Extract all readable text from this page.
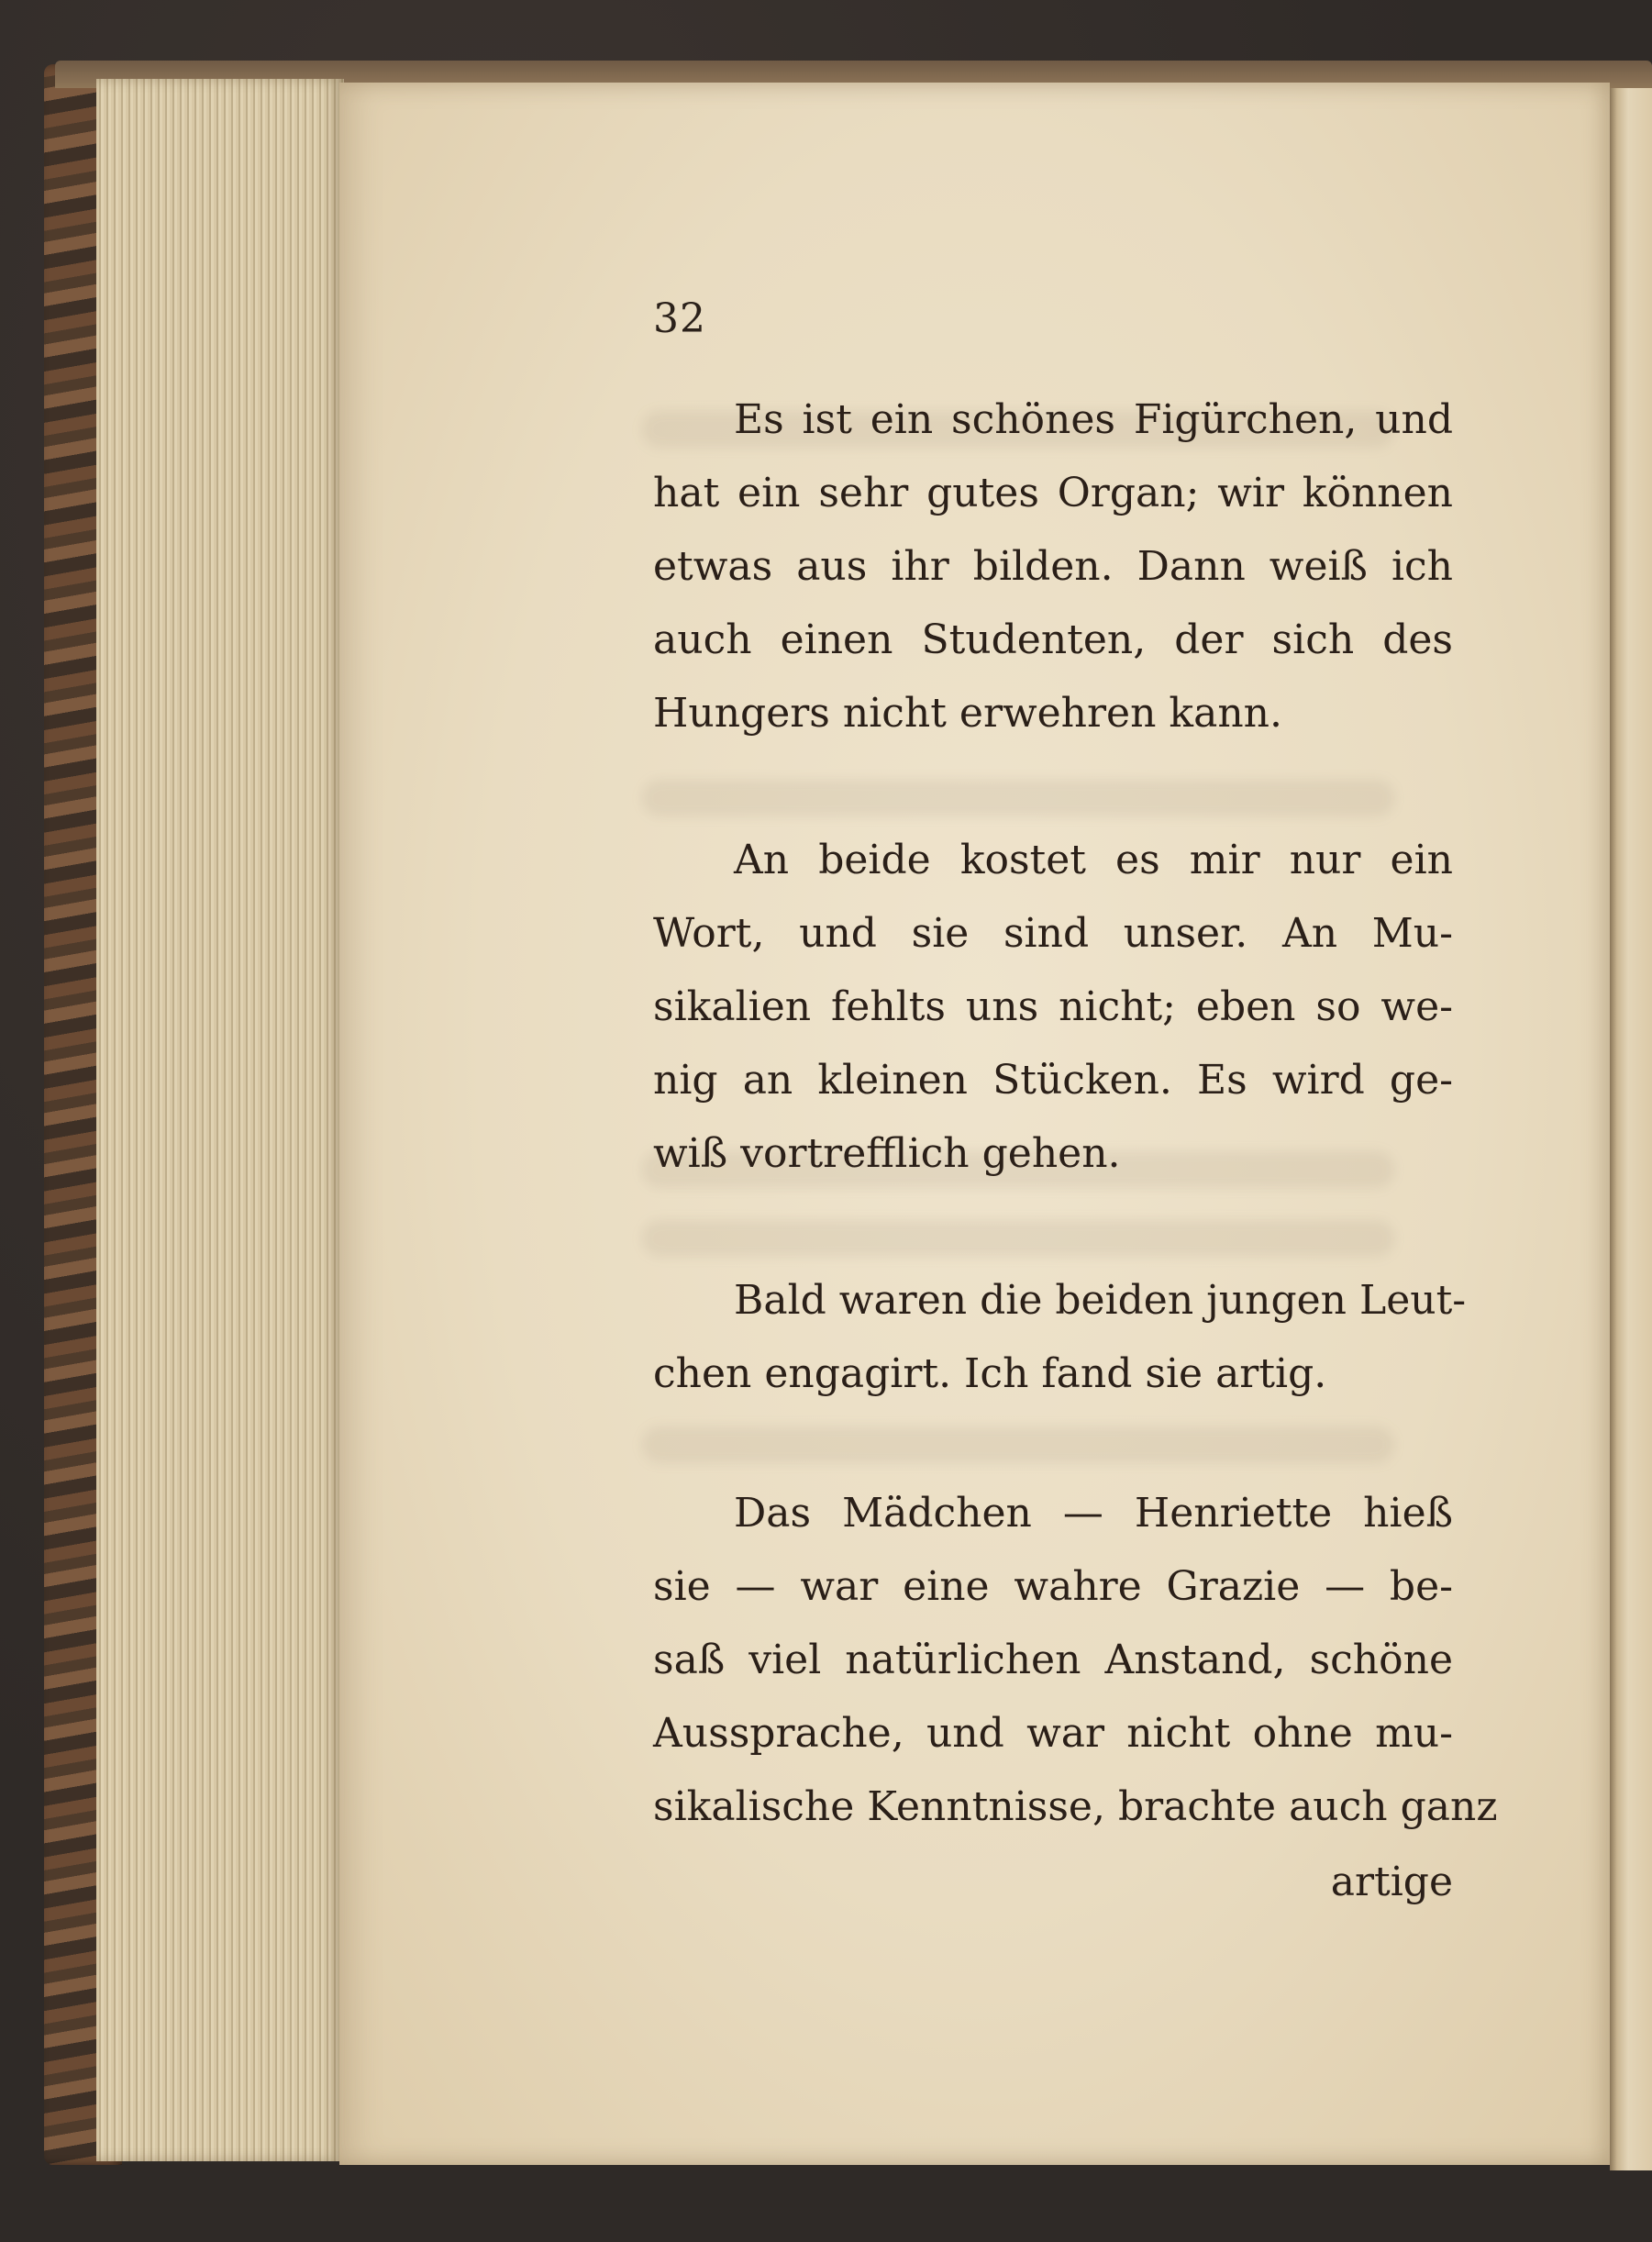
32
Es ist ein schönes Figürchen, und
hat ein sehr gutes Organ; wir können
etwas aus ihr bilden. Dann weiß ich
auch einen Studenten, der sich des
Hungers nicht erwehren kann.
An beide kostet es mir nur ein
Wort, und sie sind unser. An Mu-
sikalien fehlts uns nicht; eben so we-
nig an kleinen Stücken. Es wird ge-
wiß vortrefflich gehen.
Bald waren die beiden jungen Leut-
chen engagirt. Ich fand sie artig.
Das Mädchen — Henriette hieß
sie — war eine wahre Grazie — be-
saß viel natürlichen Anstand, schöne
Aussprache, und war nicht ohne mu-
sikalische Kenntnisse, brachte auch ganz
artige
